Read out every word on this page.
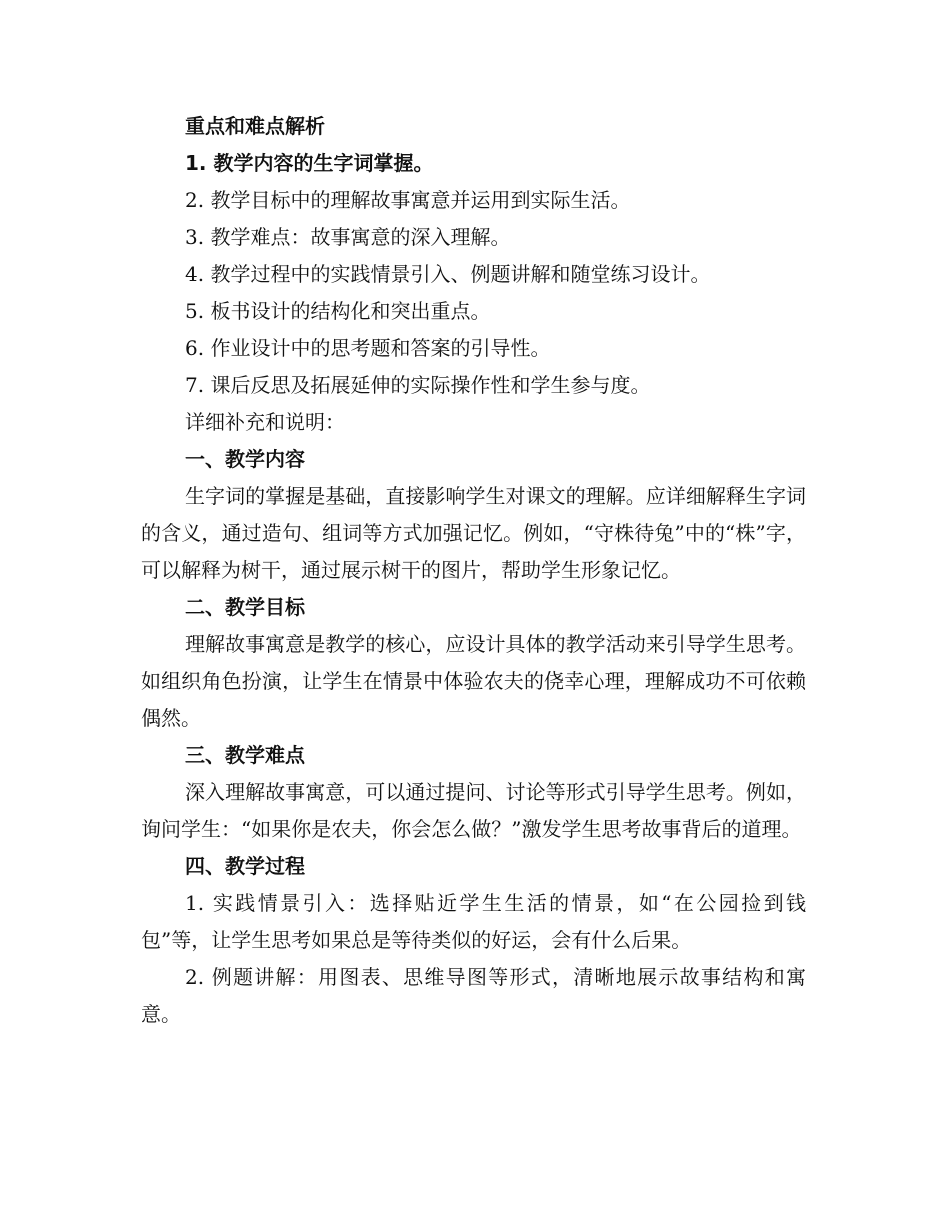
重点和难点解析

1. 教学内容的生字词掌握。

2. 教学目标中的理解故事寓意并运用到实际生活。

3. 教学难点：故事寓意的深入理解。

4. 教学过程中的实践情景引入、例题讲解和随堂练习设计。

5. 板书设计的结构化和突出重点。

6. 作业设计中的思考题和答案的引导性。

7. 课后反思及拓展延伸的实际操作性和学生参与度。

详细补充和说明：

一、教学内容

生字词的掌握是基础，直接影响学生对课文的理解。应详细解释生字词的含义，通过造句、组词等方式加强记忆。例如，“守株待兔”中的“株”字，可以解释为树干，通过展示树干的图片，帮助学生形象记忆。

二、教学目标

理解故事寓意是教学的核心，应设计具体的教学活动来引导学生思考。如组织角色扮演，让学生在情景中体验农夫的侥幸心理，理解成功不可依赖偶然。

三、教学难点

深入理解故事寓意，可以通过提问、讨论等形式引导学生思考。例如，询问学生：“如果你是农夫，你会怎么做？”激发学生思考故事背后的道理。

四、教学过程

1. 实践情景引入：选择贴近学生生活的情景，如“在公园捡到钱包”等，让学生思考如果总是等待类似的好运，会有什么后果。

2. 例题讲解：用图表、思维导图等形式，清晰地展示故事结构和寓意。
